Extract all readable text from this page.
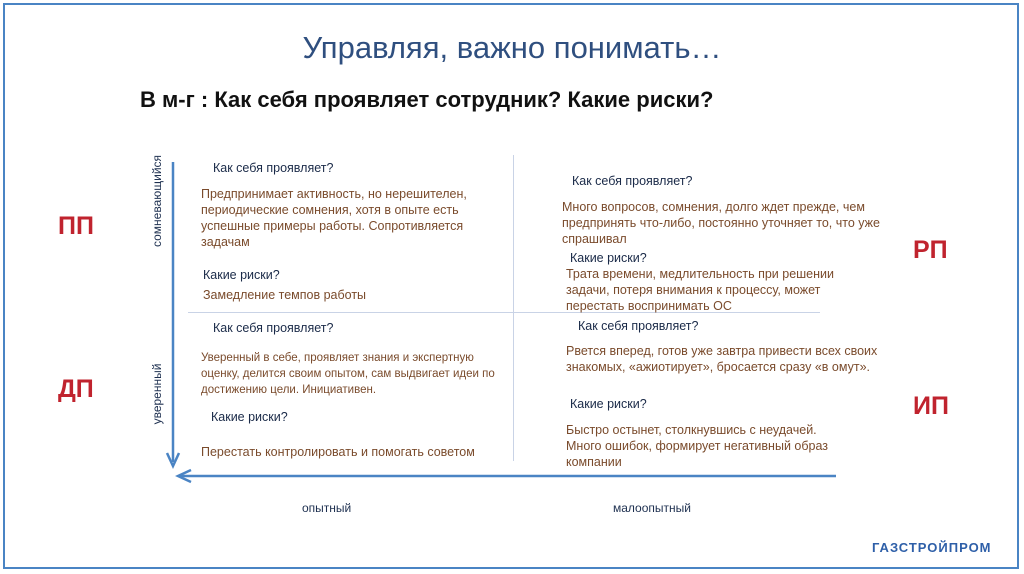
Управляя, важно понимать…
В м-г : Как себя проявляет сотрудник? Какие риски?
ПП
ДП
РП
ИП
сомневающийся
уверенный
опытный	малоопытный
Как себя проявляет?
Предпринимает активность, но нерешителен, периодические сомнения, хотя в опыте есть успешные примеры работы. Сопротивляется задачам
Какие риски?
Замедление темпов работы
Как себя проявляет?
Много вопросов, сомнения, долго ждет прежде, чем предпринять что-либо, постоянно уточняет то, что уже спрашивал
Какие риски?
Трата времени, медлительность при решении задачи, потеря внимания к процессу, может перестать воспринимать ОС
Как себя проявляет?
Уверенный в себе, проявляет знания и экспертную оценку, делится своим опытом, сам выдвигает идеи по достижению цели. Инициативен.
Какие риски?
Перестать контролировать и помогать советом
Как себя проявляет?
Рвется вперед, готов уже завтра привести всех своих знакомых, «ажиотирует», бросается сразу «в омут».
Какие риски?
Быстро остынет, столкнувшись с неудачей. Много ошибок, формирует негативный образ компании
ГАЗСТРОЙПРОМ
